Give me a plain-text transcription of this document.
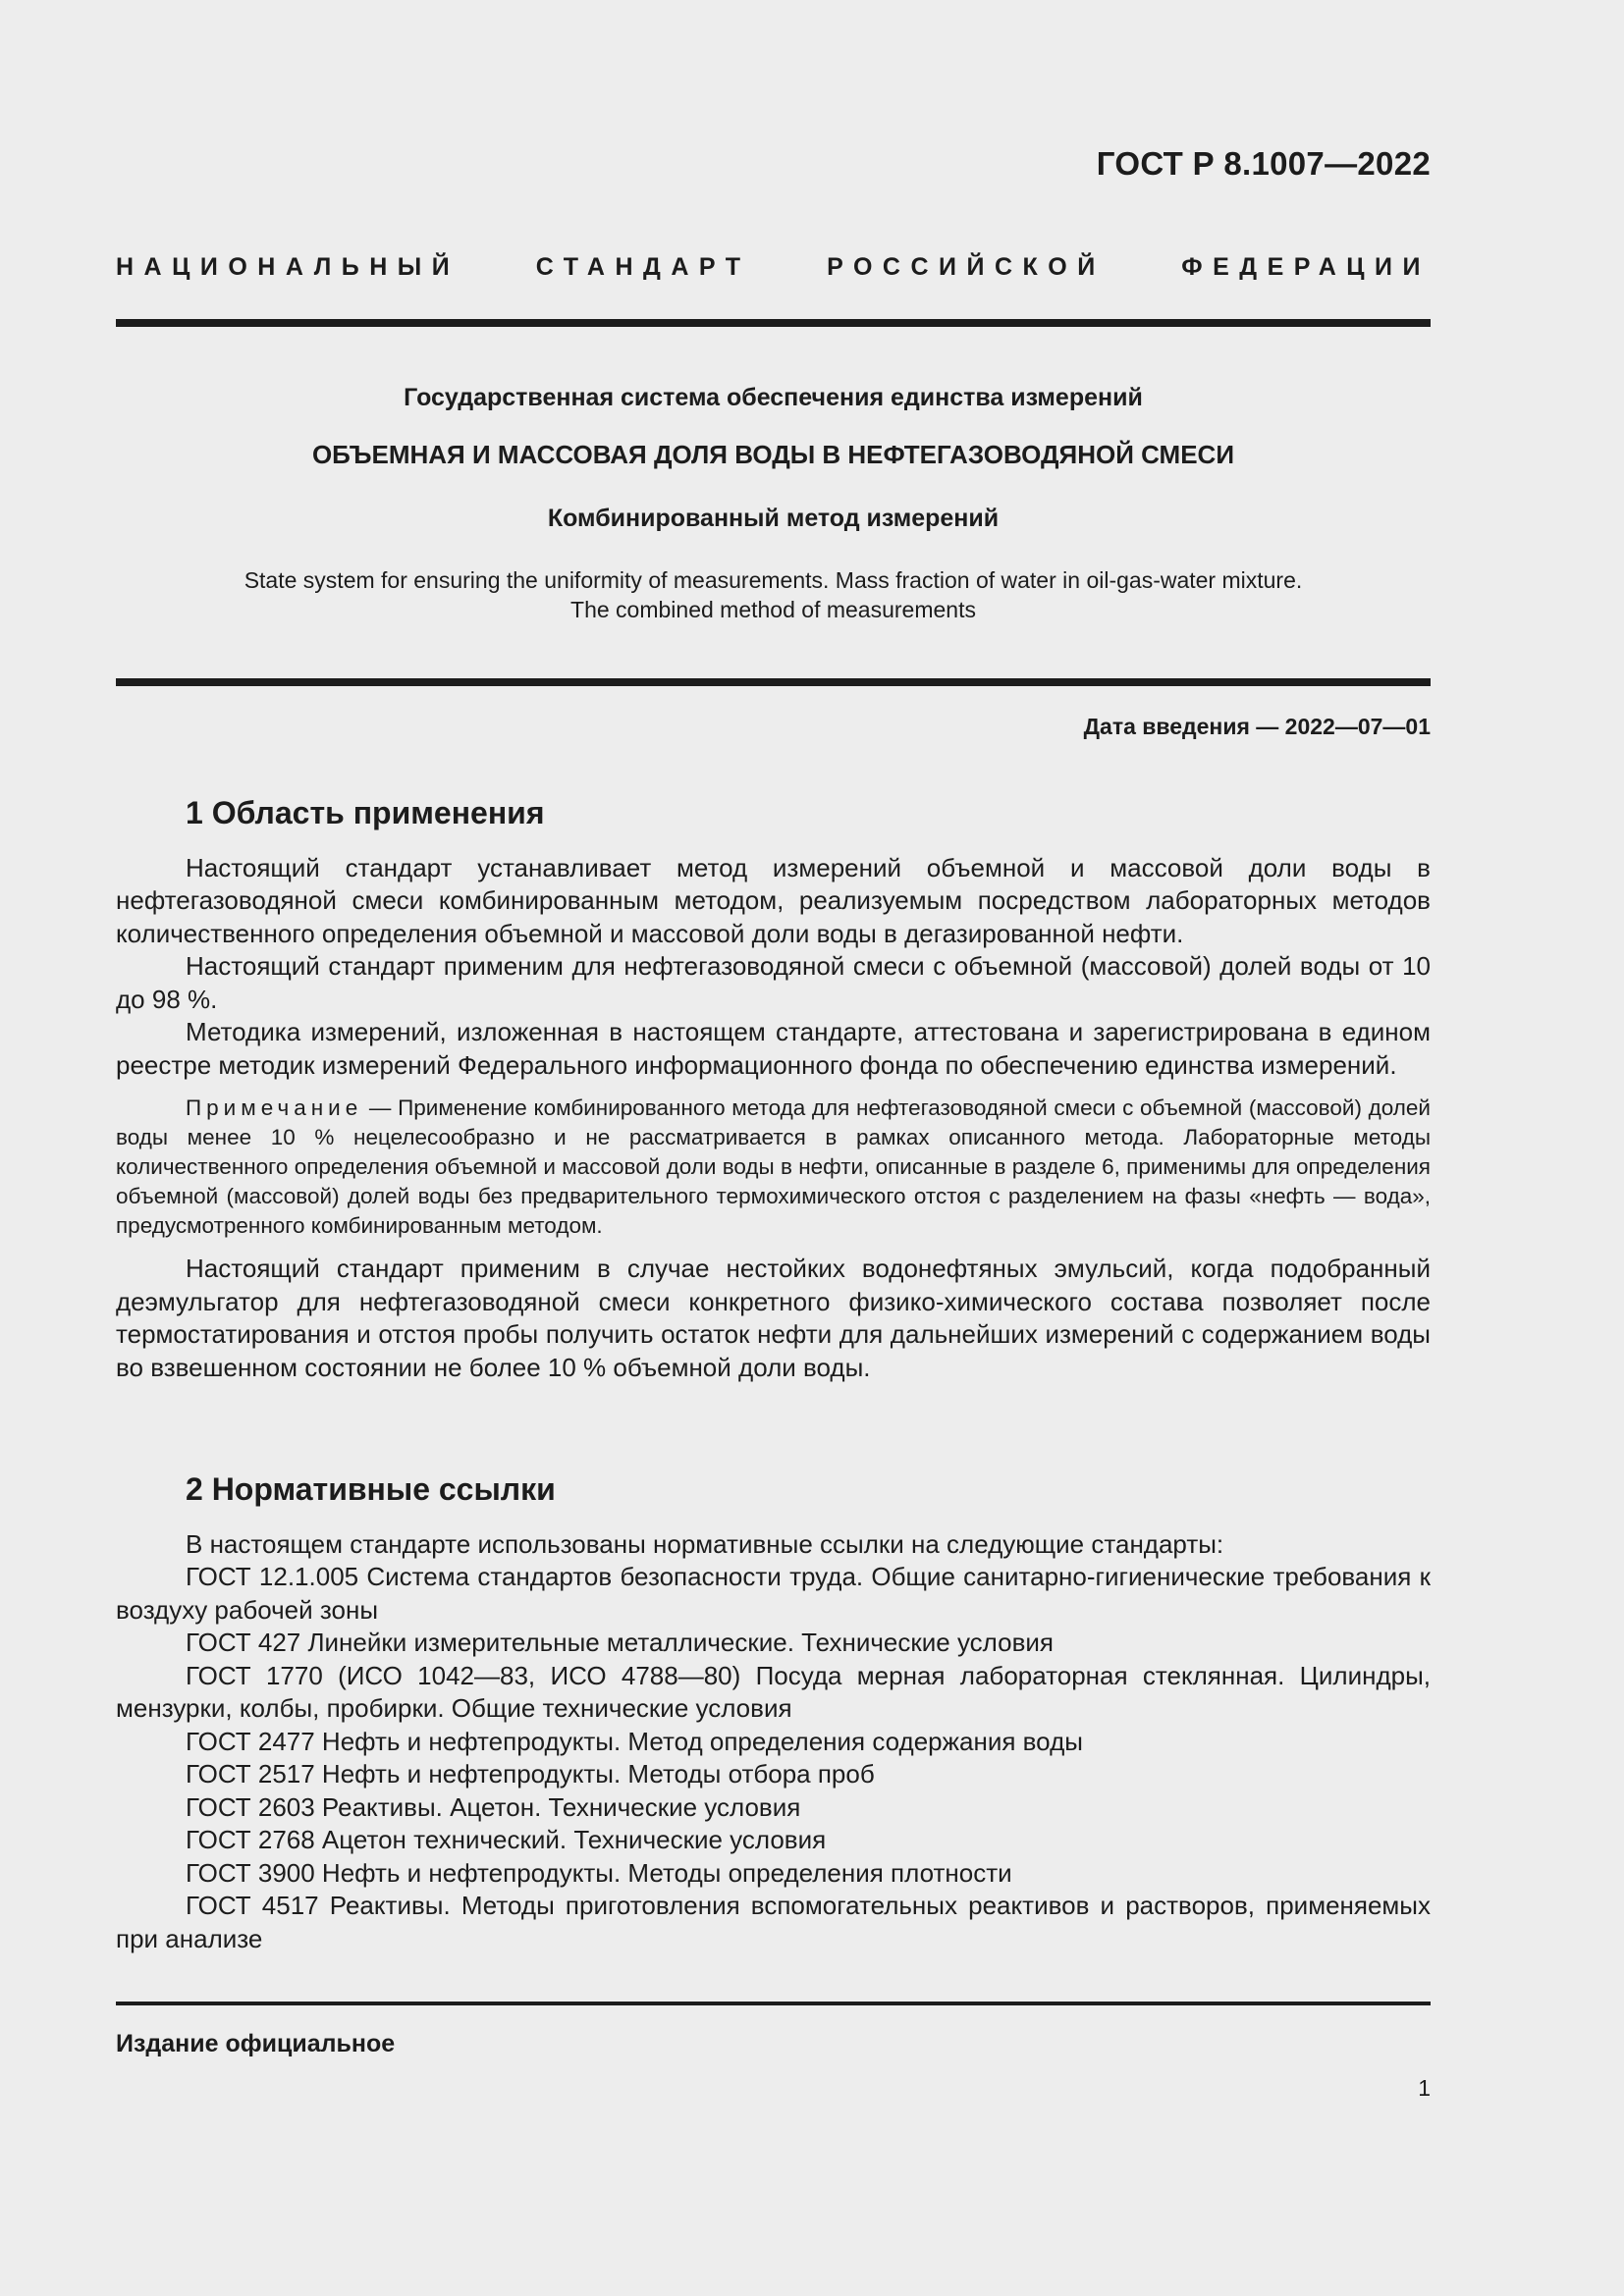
ГОСТ Р 8.1007—2022
НАЦИОНАЛЬНЫЙ СТАНДАРТ РОССИЙСКОЙ ФЕДЕРАЦИИ
Государственная система обеспечения единства измерений
ОБЪЕМНАЯ И МАССОВАЯ ДОЛЯ ВОДЫ В НЕФТЕГАЗОВОДЯНОЙ СМЕСИ
Комбинированный метод измерений
State system for ensuring the uniformity of measurements. Mass fraction of water in oil-gas-water mixture.
The combined method of measurements
Дата введения — 2022—07—01
1 Область применения

Настоящий стандарт устанавливает метод измерений объемной и массовой доли воды в нефтегазоводяной смеси комбинированным методом, реализуемым посредством лабораторных методов количественного определения объемной и массовой доли воды в дегазированной нефти.

Настоящий стандарт применим для нефтегазоводяной смеси с объемной (массовой) долей воды от 10 до 98 %.

Методика измерений, изложенная в настоящем стандарте, аттестована и зарегистрирована в едином реестре методик измерений Федерального информационного фонда по обеспечению единства измерений.

Примечание — Применение комбинированного метода для нефтегазоводяной смеси с объемной (массовой) долей воды менее 10 % нецелесообразно и не рассматривается в рамках описанного метода. Лабораторные методы количественного определения объемной и массовой доли воды в нефти, описанные в разделе 6, применимы для определения объемной (массовой) долей воды без предварительного термохимического отстоя с разделением на фазы «нефть — вода», предусмотренного комбинированным методом.

Настоящий стандарт применим в случае нестойких водонефтяных эмульсий, когда подобранный деэмульгатор для нефтегазоводяной смеси конкретного физико-химического состава позволяет после термостатирования и отстоя пробы получить остаток нефти для дальнейших измерений с содержанием воды во взвешенном состоянии не более 10 % объемной доли воды.

2 Нормативные ссылки

В настоящем стандарте использованы нормативные ссылки на следующие стандарты:

ГОСТ 12.1.005 Система стандартов безопасности труда. Общие санитарно-гигиенические требования к воздуху рабочей зоны

ГОСТ 427 Линейки измерительные металлические. Технические условия

ГОСТ 1770 (ИСО 1042—83, ИСО 4788—80) Посуда мерная лабораторная стеклянная. Цилиндры, мензурки, колбы, пробирки. Общие технические условия

ГОСТ 2477 Нефть и нефтепродукты. Метод определения содержания воды

ГОСТ 2517 Нефть и нефтепродукты. Методы отбора проб

ГОСТ 2603 Реактивы. Ацетон. Технические условия

ГОСТ 2768 Ацетон технический. Технические условия

ГОСТ 3900 Нефть и нефтепродукты. Методы определения плотности

ГОСТ 4517 Реактивы. Методы приготовления вспомогательных реактивов и растворов, применяемых при анализе

Издание официальное
1
